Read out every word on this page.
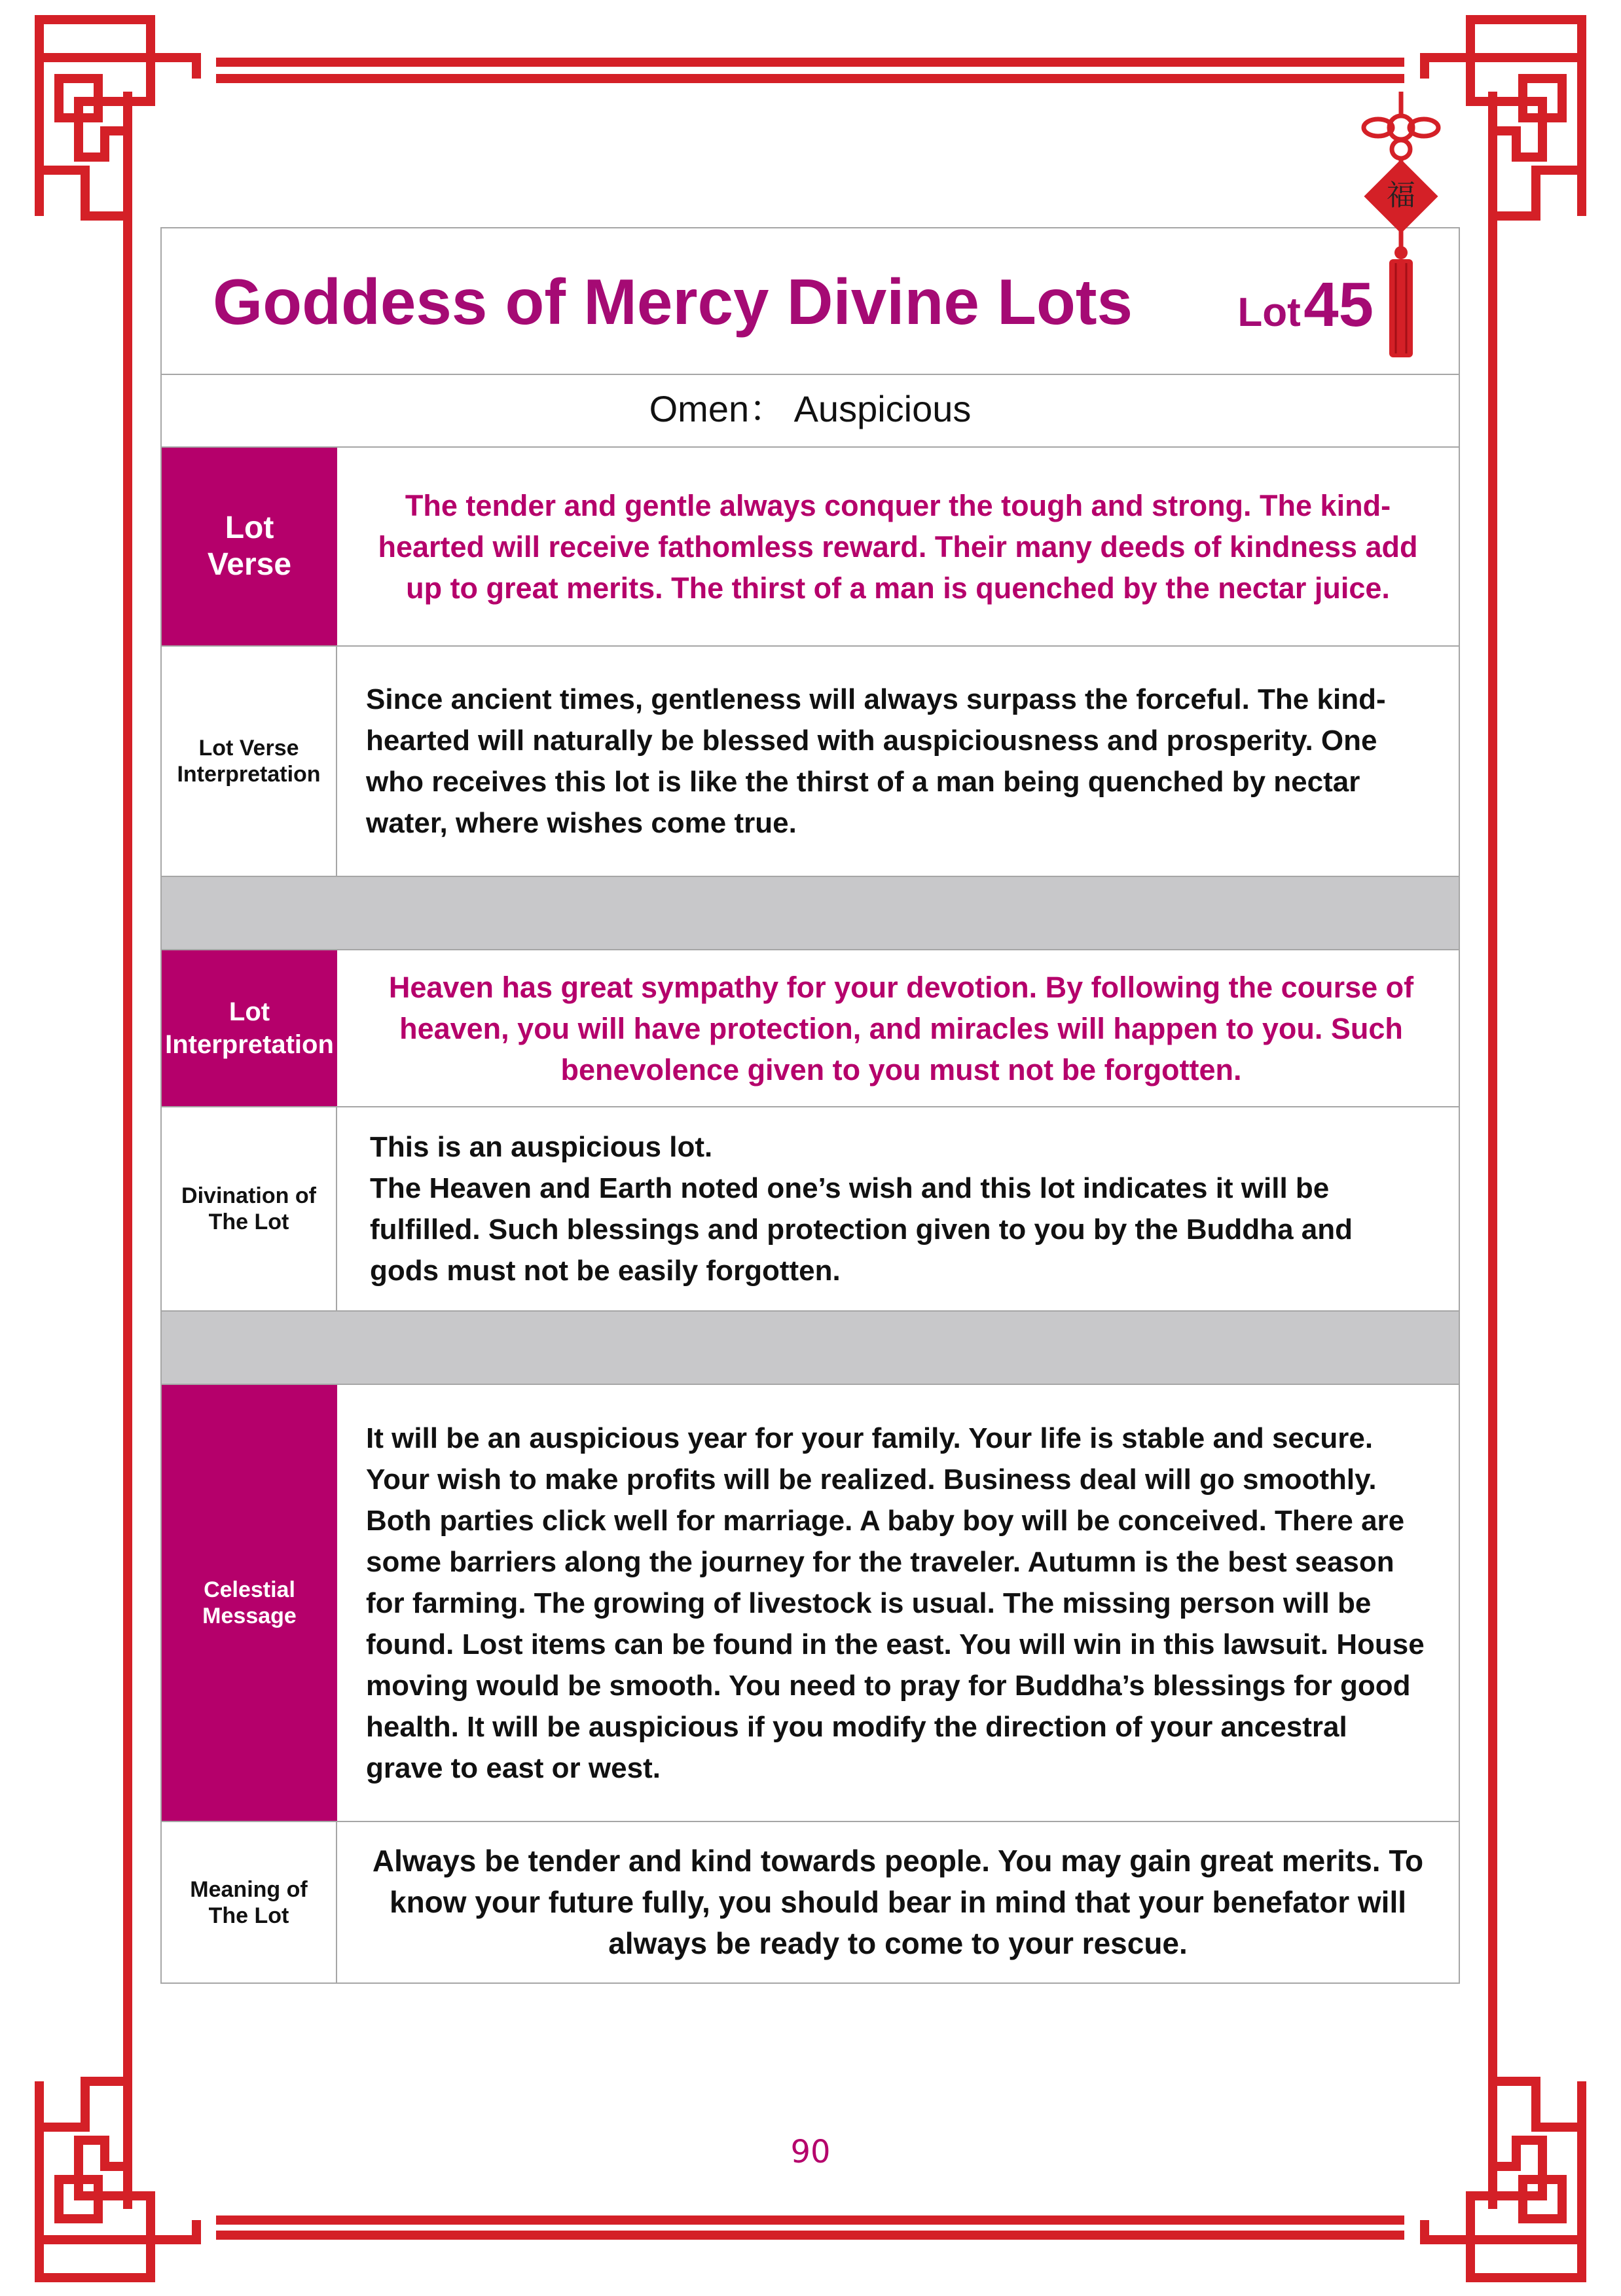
Goddess of Mercy Divine Lots	Lot 45
Omen： Auspicious
Lot Verse
The tender and gentle always conquer the tough and strong. The kind-hearted will receive fathomless reward. Their many deeds of kindness add up to great merits. The thirst of a man is quenched by the nectar juice.
Lot Verse Interpretation
Since ancient times, gentleness will always surpass the forceful. The kind-hearted will naturally be blessed with auspiciousness and prosperity. One who receives this lot is like the thirst of a man being quenched by nectar water, where wishes come true.
Lot Interpretation
Heaven has great sympathy for your devotion. By following the course of heaven, you will have protection, and miracles will happen to you. Such benevolence given to you must not be forgotten.
Divination of The Lot
This is an auspicious lot.
The Heaven and Earth noted one’s wish and this lot indicates it will be fulfilled. Such blessings and protection given to you by the Buddha and gods must not be easily forgotten.
Celestial Message
It will be an auspicious year for your family. Your life is stable and secure. Your wish to make profits will be realized. Business deal will go smoothly. Both parties click well for marriage. A baby boy will be conceived. There are some barriers along the journey for the traveler. Autumn is the best season for farming. The growing of livestock is usual. The missing person will be found. Lost items can be found in the east. You will win in this lawsuit. House moving would be smooth. You need to pray for Buddha’s blessings for good health. It will be auspicious if you modify the direction of your ancestral grave to east or west.
Meaning of The Lot
Always be tender and kind towards people. You may gain great merits. To know your future fully, you should bear in mind that your benefator will always be ready to come to your rescue.
福
90
